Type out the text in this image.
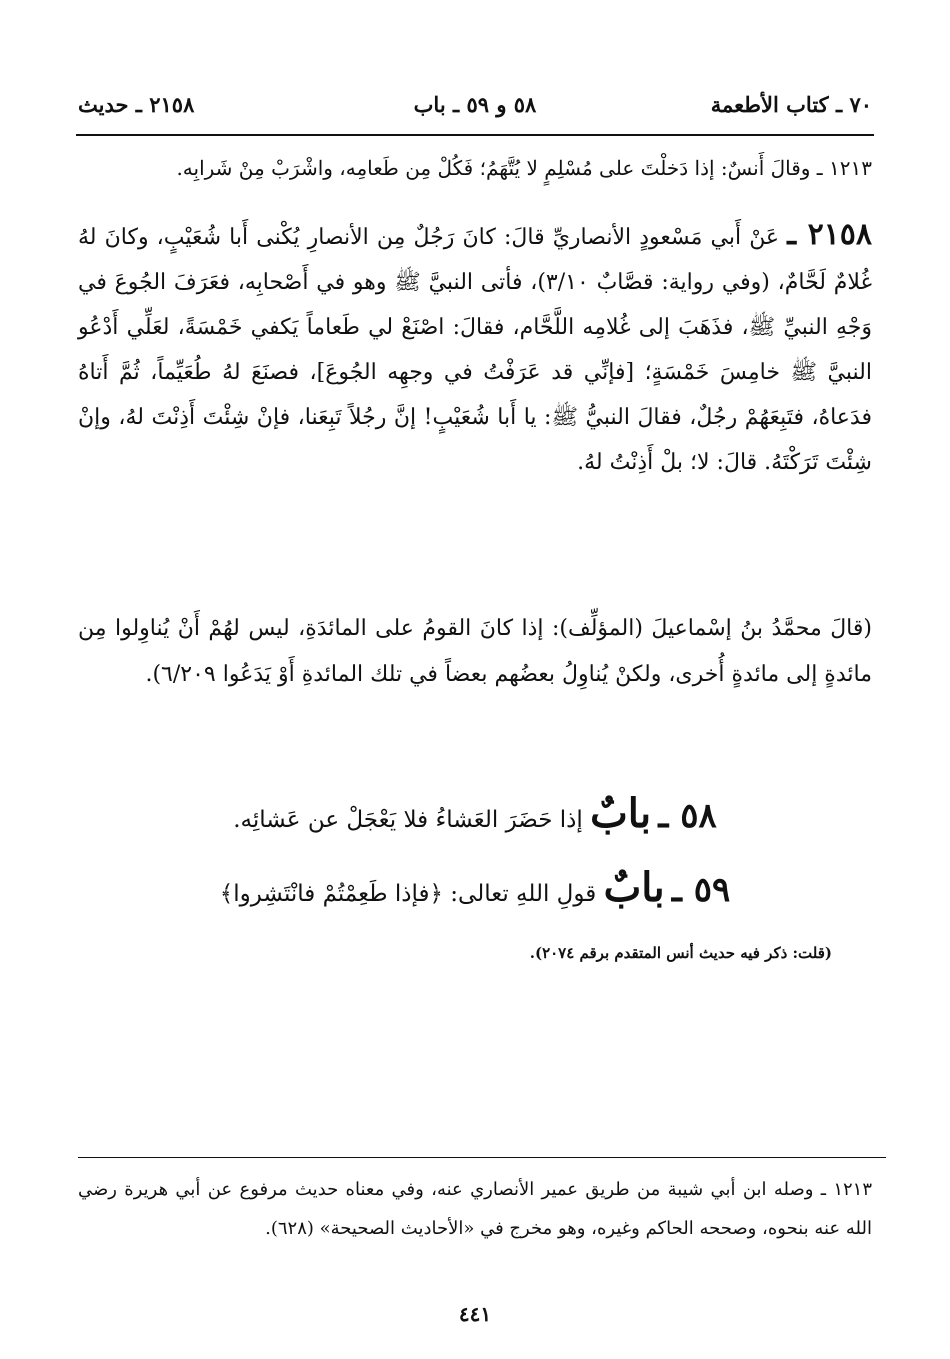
٧٠ ـ كتاب الأطعمة
٥٨ و ٥٩ ـ باب
٢١٥٨ ـ حديث
١٢١٣ ـ وقالَ أَنسٌ: إذا دَخلْتَ على مُسْلِمٍ لا يُتَّهَمُ؛ فَكُلْ مِن طَعامِه، واشْرَبْ مِنْ شَرابِه.
٢١٥٨ ـ عَنْ أَبي مَسْعودٍ الأنصاريِّ قالَ: كانَ رَجُلٌ مِن الأنصارِ يُكْنى أَبا شُعَيْبٍ، وكانَ لهُ غُلامٌ لَحَّامٌ، (وفي رواية: قصَّابٌ ٣/١٠)، فأتى النبيَّ ﷺ وهو في أَصْحابِه، فعَرَفَ الجُوعَ في وَجْهِ النبيِّ ﷺ، فذَهَبَ إلى غُلامِه اللَّحَّام، فقالَ: اصْنَعْ لي طَعاماً يَكفي خَمْسَةً، لعَلِّي أَدْعُو النبيَّ ﷺ خامِسَ خَمْسَةٍ؛ [فإنِّي قد عَرَفْتُ في وجهِه الجُوعَ]، فصنَعَ لهُ طُعَيِّماً، ثُمَّ أَتاهُ فدَعاهُ، فتَبِعَهُمْ رجُلٌ، فقالَ النبيُّ ﷺ: يا أَبا شُعَيْبٍ! إنَّ رجُلاً تَبِعَنا، فإنْ شِئْتَ أَذِنْتَ لهُ، وإنْ شِئْتَ تَرَكْتَهُ. قالَ: لا؛ بلْ أَذِنْتُ لهُ.
(قالَ محمَّدُ بنُ إسْماعيلَ (المؤلِّف): إذا كانَ القومُ على المائدَةِ، ليس لهُمْ أَنْ يُناوِلوا مِن مائدةٍ إلى مائدةٍ أُخرى، ولكنْ يُناوِلُ بعضُهم بعضاً في تلك المائدةِ أَوْ يَدَعُوا ٦/٢٠٩).
٥٨ ـ بابٌ إذا حَضَرَ العَشاءُ فلا يَعْجَلْ عن عَشائِه.
٥٩ ـ بابٌ قولِ اللهِ تعالى: ﴿فإذا طَعِمْتُمْ فانْتَشِروا﴾
(قلت: ذكر فيه حديث أنس المتقدم برقم ٢٠٧٤).
١٢١٣ ـ وصله ابن أبي شيبة من طريق عمير الأنصاري عنه، وفي معناه حديث مرفوع عن أبي هريرة رضي الله عنه بنحوه، وصححه الحاكم وغيره، وهو مخرج في «الأحاديث الصحيحة» (٦٢٨).
٤٤١
